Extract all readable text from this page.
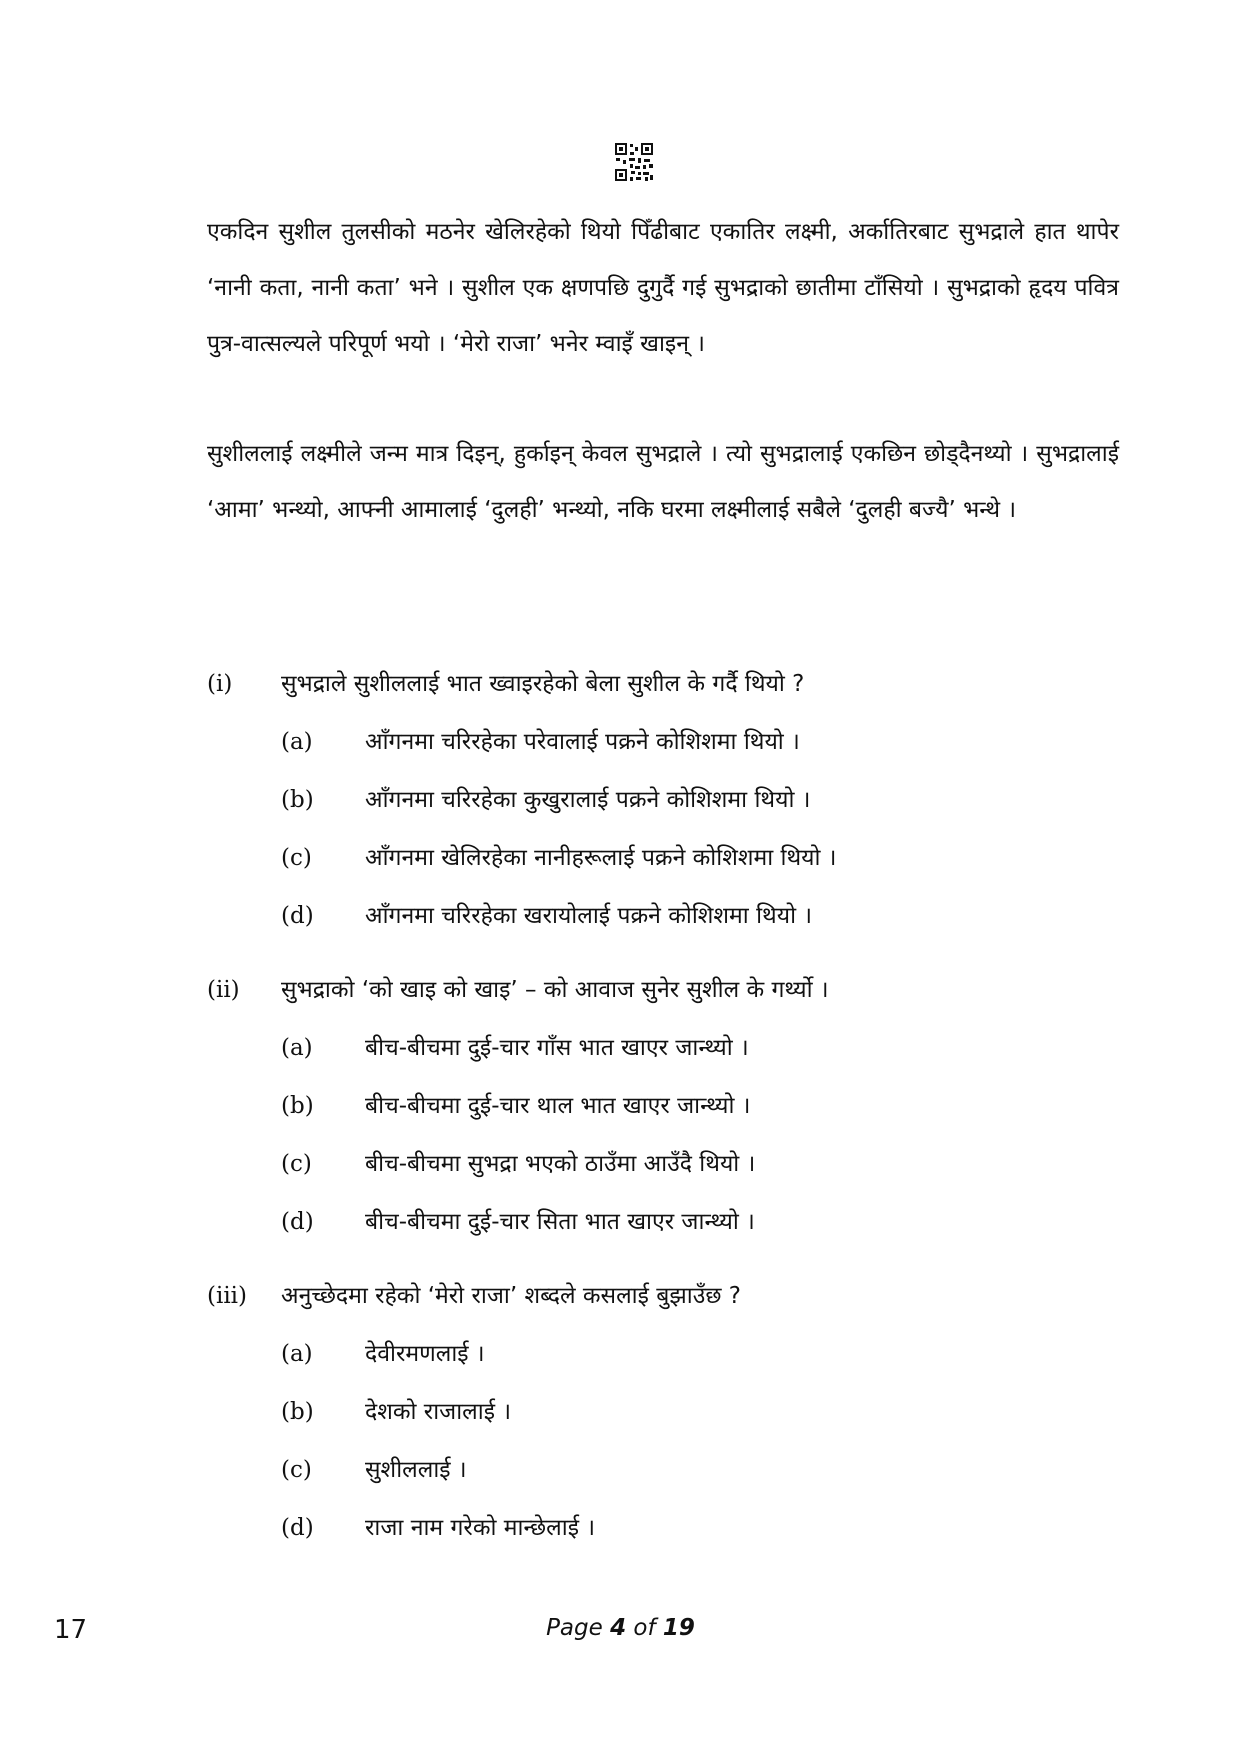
एकदिन सुशील तुलसीको मठनेर खेलिरहेको थियो पिँढीबाट एकातिर लक्ष्मी, अर्कातिरबाट सुभद्राले हात थापेर ‘नानी कता, नानी कता’ भने । सुशील एक क्षणपछि दुगुर्दै गई सुभद्राको छातीमा टाँसियो । सुभद्राको हृदय पवित्र पुत्र-वात्सल्यले परिपूर्ण भयो । ‘मेरो राजा’ भनेर म्वाइँ खाइन् ।

सुशीललाई लक्ष्मीले जन्म मात्र दिइन्, हुर्काइन् केवल सुभद्राले । त्यो सुभद्रालाई एकछिन छोड्दैनथ्यो । सुभद्रालाई ‘आमा’ भन्थ्यो, आफ्नी आमालाई ‘दुलही’ भन्थ्यो, नकि घरमा लक्ष्मीलाई सबैले ‘दुलही बज्यै’ भन्थे ।

(i) सुभद्राले सुशीललाई भात ख्वाइरहेको बेला सुशील के गर्दै थियो ?
(a) आँगनमा चरिरहेका परेवालाई पक्रने कोशिशमा थियो ।
(b) आँगनमा चरिरहेका कुखुरालाई पक्रने कोशिशमा थियो ।
(c) आँगनमा खेलिरहेका नानीहरूलाई पक्रने कोशिशमा थियो ।
(d) आँगनमा चरिरहेका खरायोलाई पक्रने कोशिशमा थियो ।
(ii) सुभद्राको ‘को खाइ को खाइ’ – को आवाज सुनेर सुशील के गर्थ्यो ।
(a) बीच-बीचमा दुई-चार गाँस भात खाएर जान्थ्यो ।
(b) बीच-बीचमा दुई-चार थाल भात खाएर जान्थ्यो ।
(c) बीच-बीचमा सुभद्रा भएको ठाउँमा आउँदै थियो ।
(d) बीच-बीचमा दुई-चार सिता भात खाएर जान्थ्यो ।
(iii) अनुच्छेदमा रहेको ‘मेरो राजा’ शब्दले कसलाई बुझाउँछ ?
(a) देवीरमणलाई ।
(b) देशको राजालाई ।
(c) सुशीललाई ।
(d) राजा नाम गरेको मान्छेलाई ।
17	Page 4 of 19
